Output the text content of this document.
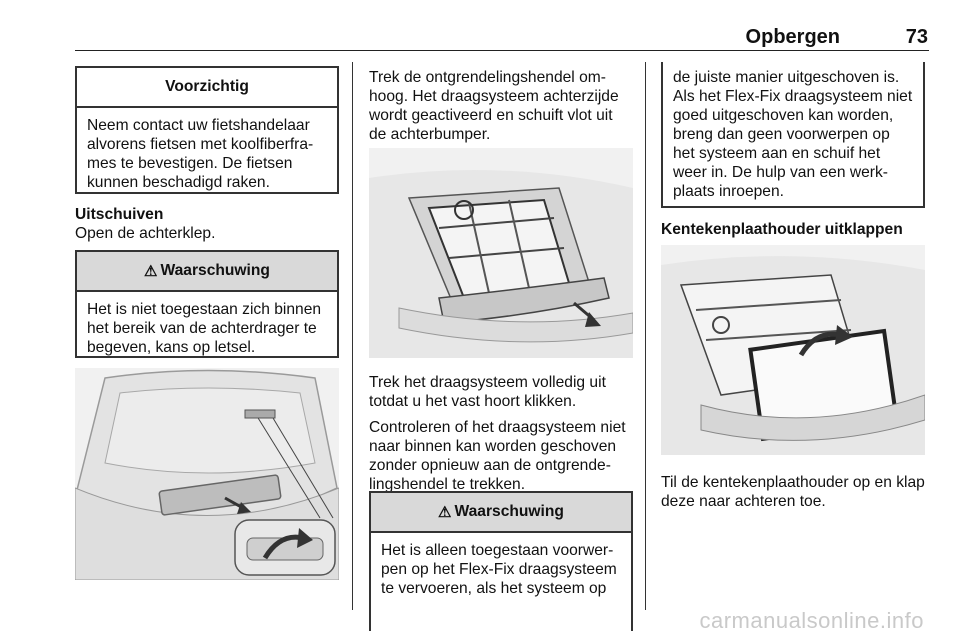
Opbergen	73
Voorzichtig
Neem contact uw fietshandelaar alvorens fietsen met koolfiberframes te bevestigen. De fietsen kunnen beschadigd raken.
Uitschuiven

Open de achterklep.

⚠ Waarschuwing
Het is niet toegestaan zich binnen het bereik van de achterdrager te begeven, kans op letsel.

Trek de ontgrendelingshendel omhoog. Het draagsysteem achterzijde wordt geactiveerd en schuift vlot uit de achterbumper.

Trek het draagsysteem volledig uit totdat u het vast hoort klikken.

Controleren of het draagsysteem niet naar binnen kan worden geschoven zonder opnieuw aan de ontgrendelingshendel te trekken.

⚠ Waarschuwing
Het is alleen toegestaan voorwerpen op het Flex-Fix draagsysteem te vervoeren, als het systeem op
de juiste manier uitgeschoven is. Als het Flex-Fix draagsysteem niet goed uitgeschoven kan worden, breng dan geen voorwerpen op het systeem aan en schuif het weer in. De hulp van een werkplaats inroepen.
Kentekenplaathouder uitklappen

Til de kentekenplaathouder op en klap deze naar achteren toe.

carmanualsonline.info
